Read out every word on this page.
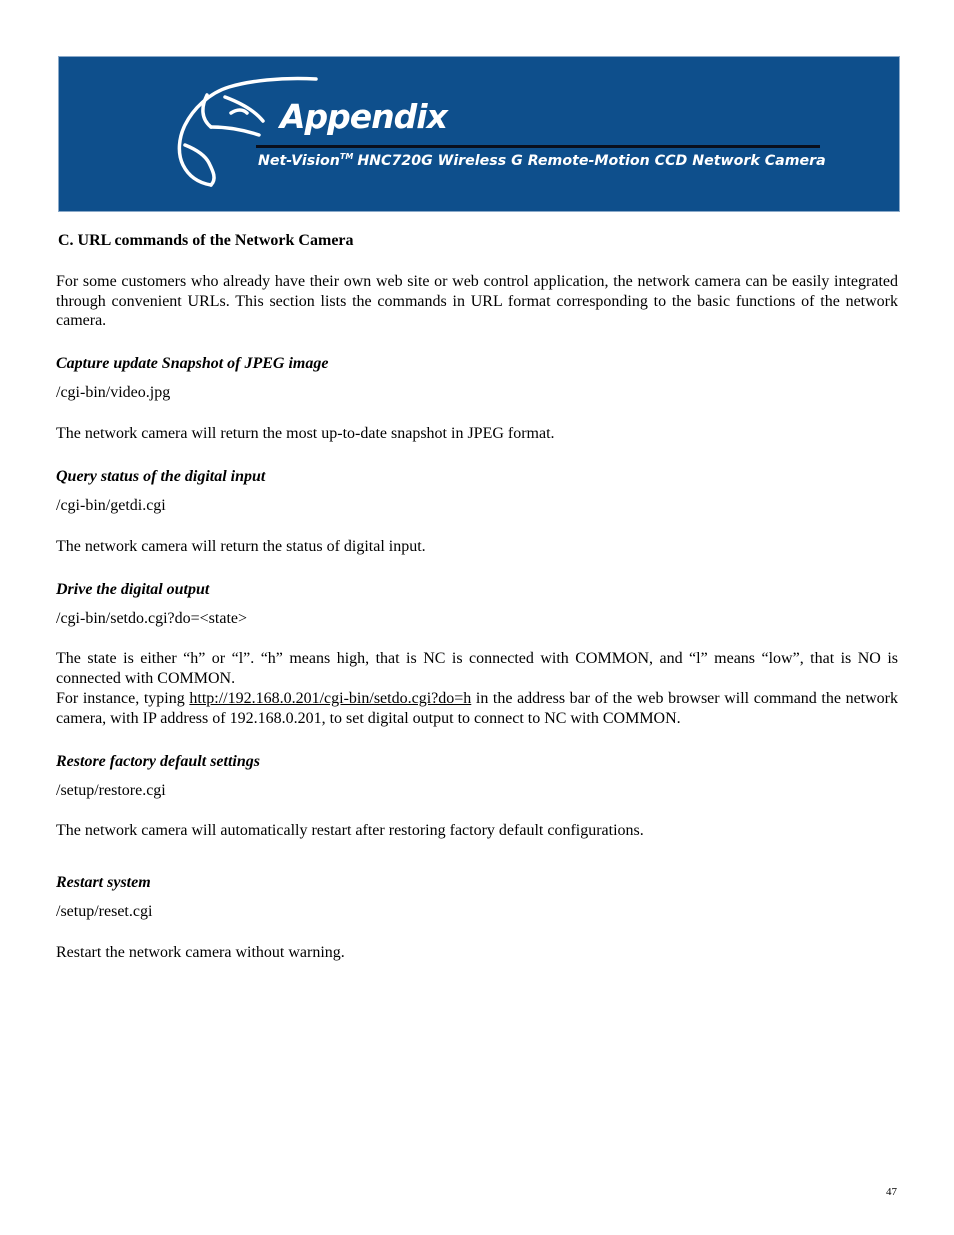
Appendix
Net-Vision™ HNC720G Wireless G Remote-Motion CCD Network Camera
C. URL commands of the Network Camera
For some customers who already have their own web site or web control application, the network camera can be easily integrated through convenient URLs. This section lists the commands in URL format corresponding to the basic functions of the network camera.
Capture update Snapshot of JPEG image
/cgi-bin/video.jpg
The network camera will return the most up-to-date snapshot in JPEG format.
Query status of the digital input
/cgi-bin/getdi.cgi
The network camera will return the status of digital input.
Drive the digital output
/cgi-bin/setdo.cgi?do=<state>
The state is either “h” or “l”. “h” means high, that is NC is connected with COMMON, and “l” means “low”, that is NO is connected with COMMON.
For instance, typing http://192.168.0.201/cgi-bin/setdo.cgi?do=h in the address bar of the web browser will command the network camera, with IP address of 192.168.0.201, to set digital output to connect to NC with COMMON.
Restore factory default settings
/setup/restore.cgi
The network camera will automatically restart after restoring factory default configurations.
Restart system
/setup/reset.cgi
Restart the network camera without warning.
47
